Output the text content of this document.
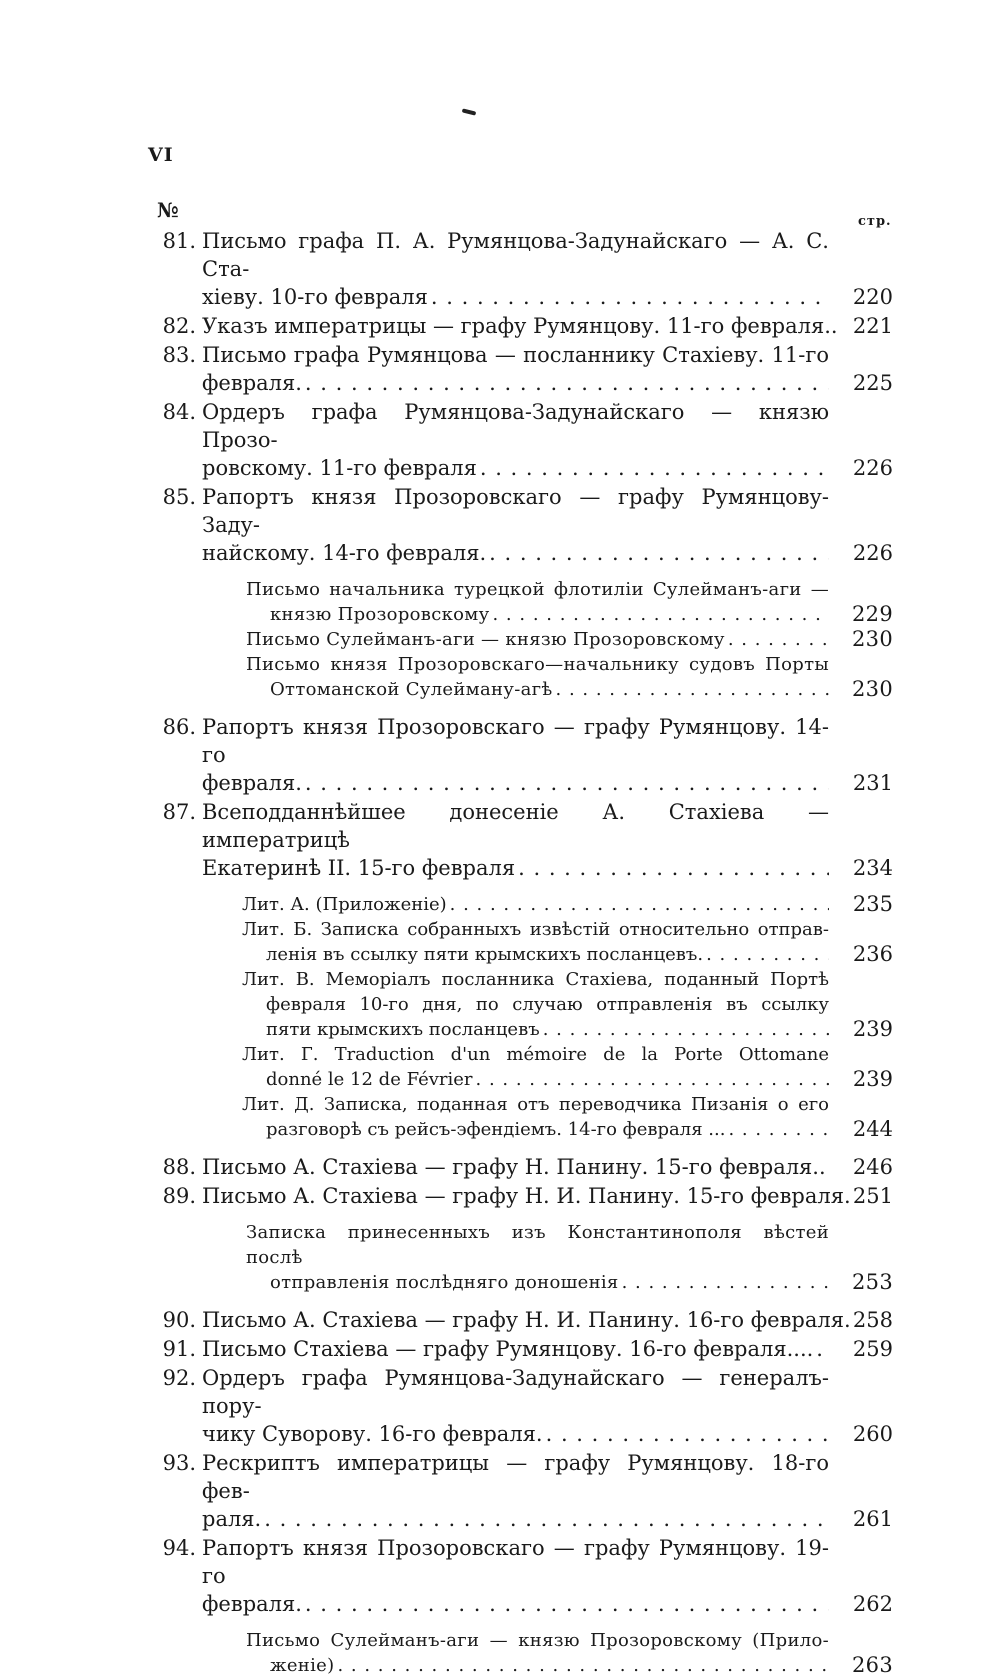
VI
№	стр.
81. Письмо графа П. А. Румянцова-Задунайскаго — А. С. Ста-
хіеву. 10-го февраля . . .	220
82. Указъ императрицы — графу Румянцову. 11-го февраля.. 221
83. Письмо графа Румянцова — посланнику Стахіеву. 11-го
февраля. . . .	225
84. Ордеръ графа Румянцова-Задунайскаго — князю Прозо-
ровскому. 11-го февраля . . .	226
85. Рапортъ князя Прозоровскаго — графу Румянцову-Заду-
найскому. 14-го февраля. . . .	226
Письмо начальника турецкой флотилiи Сулейманъ-аги —
князю Прозоровскому . . .	229
Письмо Сулейманъ-аги — князю Прозоровскому . . .	230
Письмо князя Прозоровскаго—начальнику судовъ Порты
Оттоманской Сулейману-агѣ . . .	230
86. Рапортъ князя Прозоровскаго — графу Румянцову. 14-го
февраля. . . .	231
87. Всеподданнѣйшее донесеніе А. Стахіева — императрицѣ
Екатеринѣ II. 15-го февраля . . .	234
Лит. А. (Приложеніе) . . .	235
Лит. Б. Записка собранныхъ извѣстій относительно отправ-
ленія въ ссылку пяти крымскихъ посланцевъ. . . .	236
Лит. В. Меморіалъ посланника Стахіева, поданный Портѣ
февраля 10-го дня, по случаю отправленія въ ссылку
пяти крымскихъ посланцевъ . . .	239
Лит. Г. Traduction d'un mémoire de la Porte Ottomane
donné le 12 de Février . . .	239
Лит. Д. Записка, поданная отъ переводчика Пизанія о его
разговорѣ съ рейсъ-эфендіемъ. 14-го февраля ... . . .	244
88. Письмо А. Стахіева — графу Н. Панину. 15-го февраля.. . . .	246
89. Письмо А. Стахіева — графу Н. И. Панину. 15-го февраля. 251
Записка принесенныхъ изъ Константинополя вѣстей послѣ
отправленія послѣдняго доношенія . . .	253
90. Письмо А. Стахіева — графу Н. И. Панину. 16-го февраля. 258
91. Письмо Стахіева — графу Румянцову. 16-го февраля.... . . .	259
92. Ордеръ графа Румянцова-Задунайскаго — генералъ-пору-
чику Суворову. 16-го февраля. . . .	260
93. Рескриптъ императрицы — графу Румянцову. 18-го фев-
раля. . . .	261
94. Рапортъ князя Прозоровскаго — графу Румянцову. 19-го
февраля. . . .	262
Письмо Сулейманъ-аги — князю Прозоровскому (Прило-
женіе) . . .	263
